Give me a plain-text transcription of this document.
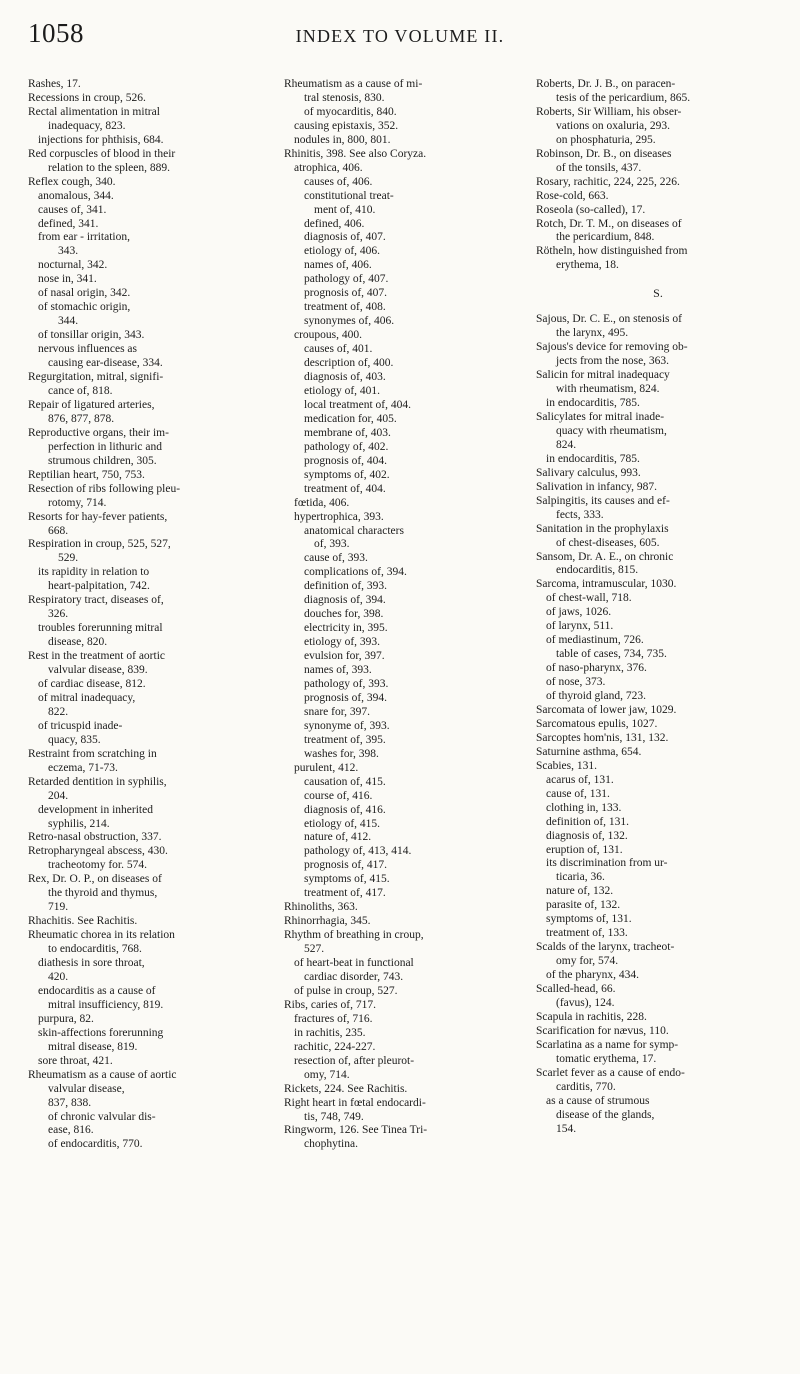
1058	INDEX TO VOLUME II.
Rashes, 17.
Recessions in croup, 526.
Rectal alimentation in mitral
inadequacy, 823.
injections for phthisis, 684.
Red corpuscles of blood in their
relation to the spleen, 889.
Reflex cough, 340.
anomalous, 344.
causes of, 341.
defined, 341.
from ear - irritation,
343.
nocturnal, 342.
nose in, 341.
of nasal origin, 342.
of stomachic origin,
344.
of tonsillar origin, 343.
nervous influences as
causing ear-disease, 334.
Regurgitation, mitral, signifi-
cance of, 818.
Repair of ligatured arteries,
876, 877, 878.
Reproductive organs, their im-
perfection in lithuric and
strumous children, 305.
Reptilian heart, 750, 753.
Resection of ribs following pleu-
rotomy, 714.
Resorts for hay-fever patients,
668.
Respiration in croup, 525, 527,
529.
its rapidity in relation to
heart-palpitation, 742.
Respiratory tract, diseases of,
326.
troubles forerunning mitral
disease, 820.
Rest in the treatment of aortic
valvular disease, 839.
of cardiac disease, 812.
of mitral inadequacy,
822.
of tricuspid inade-
quacy, 835.
Restraint from scratching in
eczema, 71-73.
Retarded dentition in syphilis,
204.
development in inherited
syphilis, 214.
Retro-nasal obstruction, 337.
Retropharyngeal abscess, 430.
tracheotomy for. 574.
Rex, Dr. O. P., on diseases of
the thyroid and thymus,
719.
Rhachitis. See Rachitis.
Rheumatic chorea in its relation
to endocarditis, 768.
diathesis in sore throat,
420.
endocarditis as a cause of
mitral insufficiency, 819.
purpura, 82.
skin-affections forerunning
mitral disease, 819.
sore throat, 421.
Rheumatism as a cause of aortic
valvular disease,
837, 838.
of chronic valvular dis-
ease, 816.
of endocarditis, 770.
Rheumatism as a cause of mi-
tral stenosis, 830.
of myocarditis, 840.
causing epistaxis, 352.
nodules in, 800, 801.
Rhinitis, 398. See also Coryza.
atrophica, 406.
causes of, 406.
constitutional treat-
ment of, 410.
defined, 406.
diagnosis of, 407.
etiology of, 406.
names of, 406.
pathology of, 407.
prognosis of, 407.
treatment of, 408.
synonymes of, 406.
croupous, 400.
causes of, 401.
description of, 400.
diagnosis of, 403.
etiology of, 401.
local treatment of, 404.
medication for, 405.
membrane of, 403.
pathology of, 402.
prognosis of, 404.
symptoms of, 402.
treatment of, 404.
fœtida, 406.
hypertrophica, 393.
anatomical characters
of, 393.
cause of, 393.
complications of, 394.
definition of, 393.
diagnosis of, 394.
douches for, 398.
electricity in, 395.
etiology of, 393.
evulsion for, 397.
names of, 393.
pathology of, 393.
prognosis of, 394.
snare for, 397.
synonyme of, 393.
treatment of, 395.
washes for, 398.
purulent, 412.
causation of, 415.
course of, 416.
diagnosis of, 416.
etiology of, 415.
nature of, 412.
pathology of, 413, 414.
prognosis of, 417.
symptoms of, 415.
treatment of, 417.
Rhinoliths, 363.
Rhinorrhagia, 345.
Rhythm of breathing in croup,
527.
of heart-beat in functional
cardiac disorder, 743.
of pulse in croup, 527.
Ribs, caries of, 717.
fractures of, 716.
in rachitis, 235.
rachitic, 224-227.
resection of, after pleurot-
omy, 714.
Rickets, 224. See Rachitis.
Right heart in fœtal endocardi-
tis, 748, 749.
Ringworm, 126. See Tinea Tri-
chophytina.
Roberts, Dr. J. B., on paracen-
tesis of the pericardium, 865.
Roberts, Sir William, his obser-
vations on oxaluria, 293.
on phosphaturia, 295.
Robinson, Dr. B., on diseases
of the tonsils, 437.
Rosary, rachitic, 224, 225, 226.
Rose-cold, 663.
Roseola (so-called), 17.
Rotch, Dr. T. M., on diseases of
the pericardium, 848.
Rötheln, how distinguished from
erythema, 18.
S.
Sajous, Dr. C. E., on stenosis of
the larynx, 495.
Sajous's device for removing ob-
jects from the nose, 363.
Salicin for mitral inadequacy
with rheumatism, 824.
in endocarditis, 785.
Salicylates for mitral inade-
quacy with rheumatism,
824.
in endocarditis, 785.
Salivary calculus, 993.
Salivation in infancy, 987.
Salpingitis, its causes and ef-
fects, 333.
Sanitation in the prophylaxis
of chest-diseases, 605.
Sansom, Dr. A. E., on chronic
endocarditis, 815.
Sarcoma, intramuscular, 1030.
of chest-wall, 718.
of jaws, 1026.
of larynx, 511.
of mediastinum, 726.
table of cases, 734, 735.
of naso-pharynx, 376.
of nose, 373.
of thyroid gland, 723.
Sarcomata of lower jaw, 1029.
Sarcomatous epulis, 1027.
Sarcoptes hom'nis, 131, 132.
Saturnine asthma, 654.
Scabies, 131.
acarus of, 131.
cause of, 131.
clothing in, 133.
definition of, 131.
diagnosis of, 132.
eruption of, 131.
its discrimination from ur-
ticaria, 36.
nature of, 132.
parasite of, 132.
symptoms of, 131.
treatment of, 133.
Scalds of the larynx, tracheot-
omy for, 574.
of the pharynx, 434.
Scalled-head, 66.
(favus), 124.
Scapula in rachitis, 228.
Scarification for nævus, 110.
Scarlatina as a name for symp-
tomatic erythema, 17.
Scarlet fever as a cause of endo-
carditis, 770.
as a cause of strumous
disease of the glands,
154.
